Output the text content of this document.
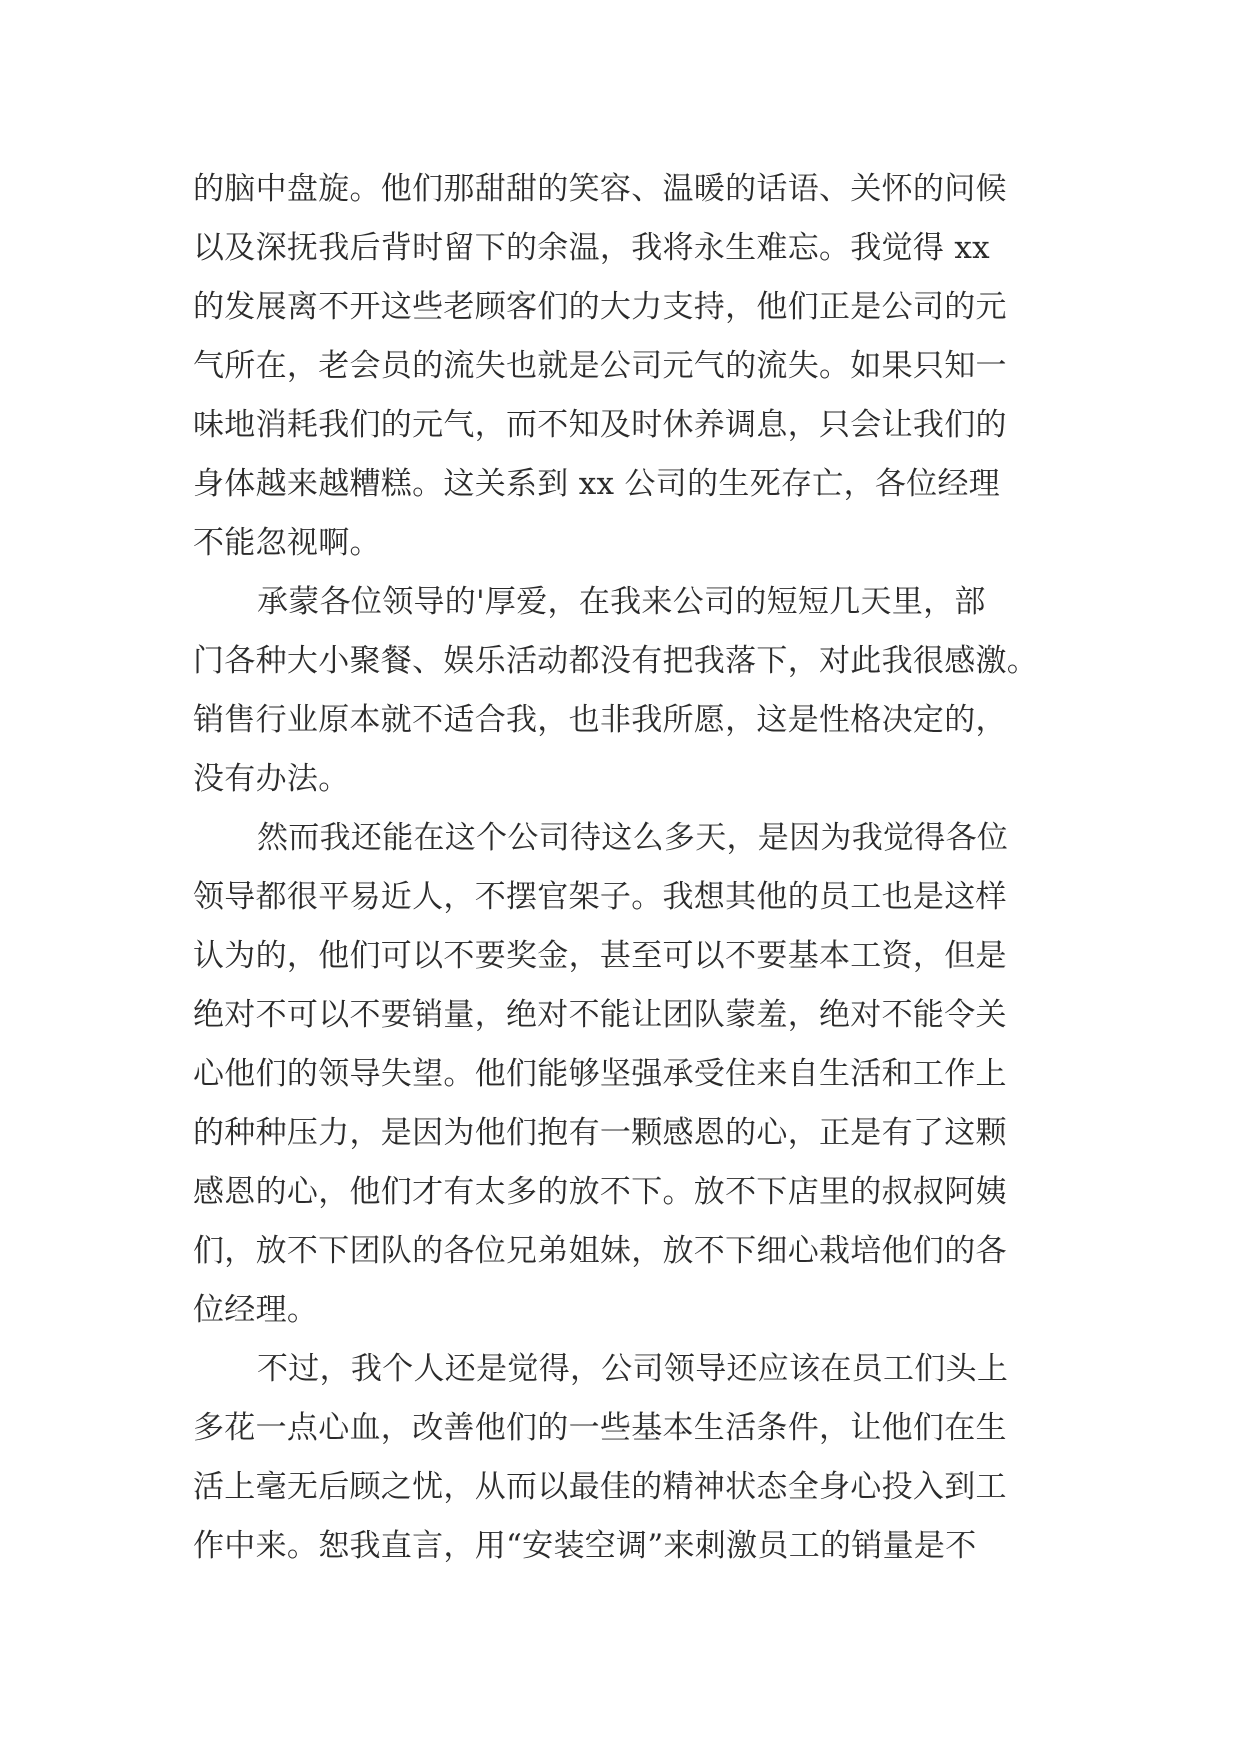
的脑中盘旋。他们那甜甜的笑容、温暖的话语、关怀的问候
以及深抚我后背时留下的余温，我将永生难忘。我觉得 xx
的发展离不开这些老顾客们的大力支持，他们正是公司的元
气所在，老会员的流失也就是公司元气的流失。如果只知一
味地消耗我们的元气，而不知及时休养调息，只会让我们的
身体越来越糟糕。这关系到 xx 公司的生死存亡，各位经理
不能忽视啊。
承蒙各位领导的'厚爱，在我来公司的短短几天里，部
门各种大小聚餐、娱乐活动都没有把我落下，对此我很感激。
销售行业原本就不适合我，也非我所愿，这是性格决定的，
没有办法。
然而我还能在这个公司待这么多天，是因为我觉得各位
领导都很平易近人，不摆官架子。我想其他的员工也是这样
认为的，他们可以不要奖金，甚至可以不要基本工资，但是
绝对不可以不要销量，绝对不能让团队蒙羞，绝对不能令关
心他们的领导失望。他们能够坚强承受住来自生活和工作上
的种种压力，是因为他们抱有一颗感恩的心，正是有了这颗
感恩的心，他们才有太多的放不下。放不下店里的叔叔阿姨
们，放不下团队的各位兄弟姐妹，放不下细心栽培他们的各
位经理。
不过，我个人还是觉得，公司领导还应该在员工们头上
多花一点心血，改善他们的一些基本生活条件，让他们在生
活上毫无后顾之忧，从而以最佳的精神状态全身心投入到工
作中来。恕我直言，用“安装空调”来刺激员工的销量是不
